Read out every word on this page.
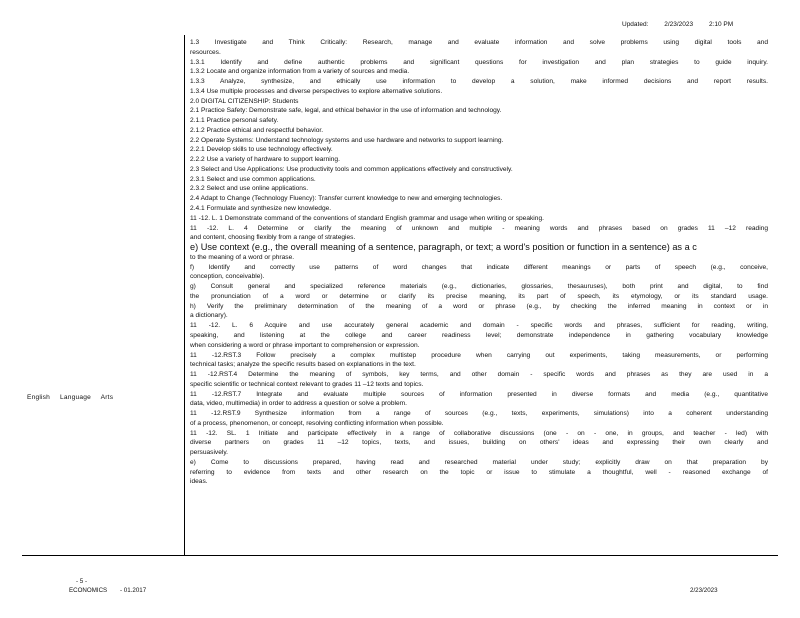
Updated: 2/23/2023 2:10 PM
English Language Arts
1.3 Investigate and Think Critically: Research, manage and evaluate information and solve problems using digital tools and
resources.
1.3.1 Identify and define authentic problems and significant questions for investigation and plan strategies to guide inquiry.
1.3.2 Locate and organize information from a variety of sources and media.
1.3.3 Analyze, synthesize, and ethically use information to develop a solution, make informed decisions and report results.
1.3.4 Use multiple processes and diverse perspectives to explore alternative solutions.
2.0 DIGITAL CITIZENSHIP: Students
2.1 Practice Safety: Demonstrate safe, legal, and ethical behavior in the use of information and technology.
2.1.1 Practice personal safety.
2.1.2 Practice ethical and respectful behavior.
2.2 Operate Systems: Understand technology systems and use hardware and networks to support learning.
2.2.1 Develop skills to use technology effectively.
2.2.2 Use a variety of hardware to support learning.
2.3 Select and Use Applications: Use productivity tools and common applications effectively and constructively.
2.3.1 Select and use common applications.
2.3.2 Select and use online applications.
2.4 Adapt to Change (Technology Fluency): Transfer current knowledge to new and emerging technologies.
2.4.1 Formulate and synthesize new knowledge.
11 -12. L. 1 Demonstrate command of the conventions of standard English grammar and usage when writing or speaking.
11 -12. L. 4 Determine or clarify the meaning of unknown and multiple - meaning words and phrases based on grades 11 –12 reading
and content, choosing flexibly from a range of strategies.
e) Use context (e.g., the overall meaning of a sentence, paragraph, or text; a word's position or function in a sentence) as a c
to the meaning of a word or phrase.
f) Identify and correctly use patterns of word changes that indicate different meanings or parts of speech (e.g., conceive,
conception, conceivable).
g) Consult general and specialized reference materials (e.g., dictionaries, glossaries, thesauruses), both print and digital, to find
the pronunciation of a word or determine or clarify its precise meaning, its part of speech, its etymology, or its standard usage.
h) Verify the preliminary determination of the meaning of a word or phrase (e.g., by checking the inferred meaning in context or in
a dictionary).
11 -12. L. 6 Acquire and use accurately general academic and domain - specific words and phrases, sufficient for reading, writing,
speaking, and listening at the college and career readiness level; demonstrate independence in gathering vocabulary knowledge
when considering a word or phrase important to comprehension or expression.
11 -12.RST.3 Follow precisely a complex multistep procedure when carrying out experiments, taking measurements, or performing
technical tasks; analyze the specific results based on explanations in the text.
11 -12.RST.4 Determine the meaning of symbols, key terms, and other domain - specific words and phrases as they are used in a
specific scientific or technical context relevant to grades 11 –12 texts and topics.
11 -12.RST.7 Integrate and evaluate multiple sources of information presented in diverse formats and media (e.g., quantitative
data, video, multimedia) in order to address a question or solve a problem.
11 -12.RST.9 Synthesize information from a range of sources (e.g., texts, experiments, simulations) into a coherent understanding
of a process, phenomenon, or concept, resolving conflicting information when possible.
11 -12. SL. 1 Initiate and participate effectively in a range of collaborative discussions (one - on - one, in groups, and teacher - led) with
diverse partners on grades 11 –12 topics, texts, and issues, building on others' ideas and expressing their own clearly and
persuasively.
e) Come to discussions prepared, having read and researched material under study; explicitly draw on that preparation by
referring to evidence from texts and other research on the topic or issue to stimulate a thoughtful, well - reasoned exchange of
ideas.
- 5 -
ECONOMICS - 01.2017	2/23/2023
